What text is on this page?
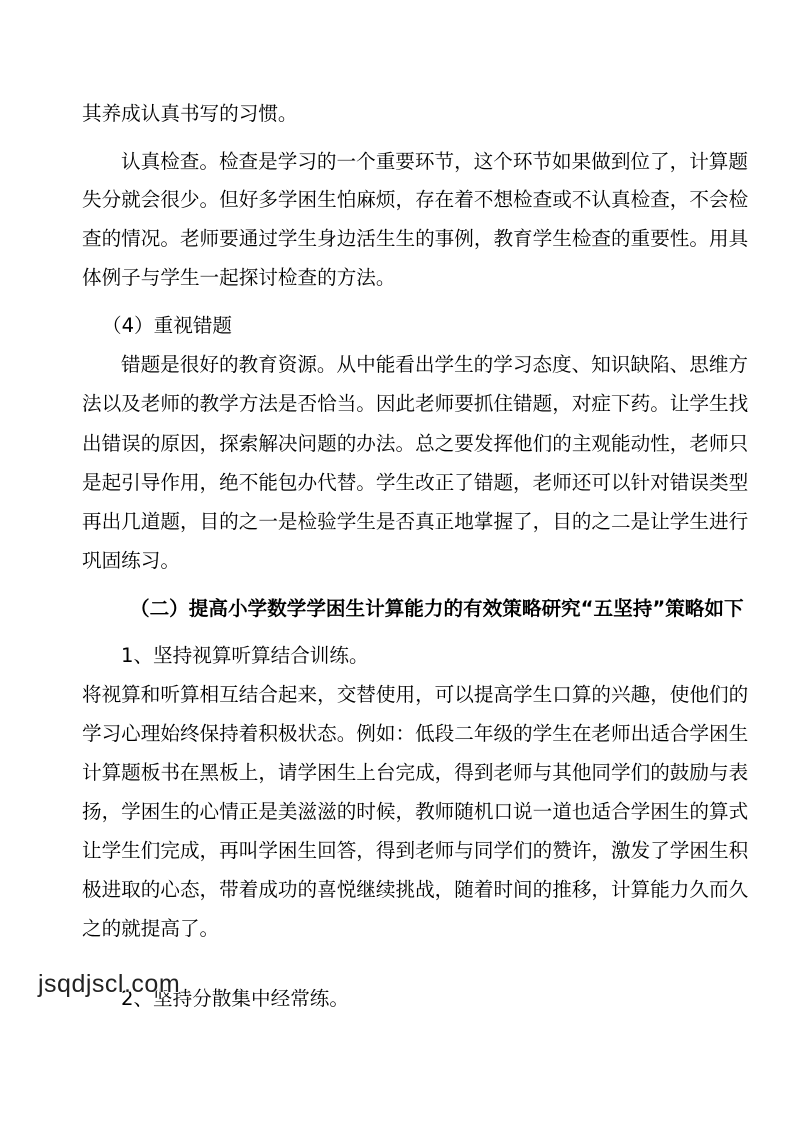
其养成认真书写的习惯。
认真检查。检查是学习的一个重要环节，这个环节如果做到位了，计算题
失分就会很少。但好多学困生怕麻烦，存在着不想检查或不认真检查，不会检
查的情况。老师要通过学生身边活生生的事例，教育学生检查的重要性。用具
体例子与学生一起探讨检查的方法。
（4）重视错题
错题是很好的教育资源。从中能看出学生的学习态度、知识缺陷、思维方
法以及老师的教学方法是否恰当。因此老师要抓住错题，对症下药。让学生找
出错误的原因，探索解决问题的办法。总之要发挥他们的主观能动性，老师只
是起引导作用，绝不能包办代替。学生改正了错题，老师还可以针对错误类型
再出几道题，目的之一是检验学生是否真正地掌握了，目的之二是让学生进行
巩固练习。
（二）提高小学数学学困生计算能力的有效策略研究“五坚持”策略如下
1、坚持视算听算结合训练。
将视算和听算相互结合起来，交替使用，可以提高学生口算的兴趣，使他们的
学习心理始终保持着积极状态。例如：低段二年级的学生在老师出适合学困生
计算题板书在黑板上，请学困生上台完成，得到老师与其他同学们的鼓励与表
扬，学困生的心情正是美滋滋的时候，教师随机口说一道也适合学困生的算式
让学生们完成，再叫学困生回答，得到老师与同学们的赞许，激发了学困生积
极进取的心态，带着成功的喜悦继续挑战，随着时间的推移，计算能力久而久
之的就提高了。
2、坚持分散集中经常练。
jsqdjscl.com
